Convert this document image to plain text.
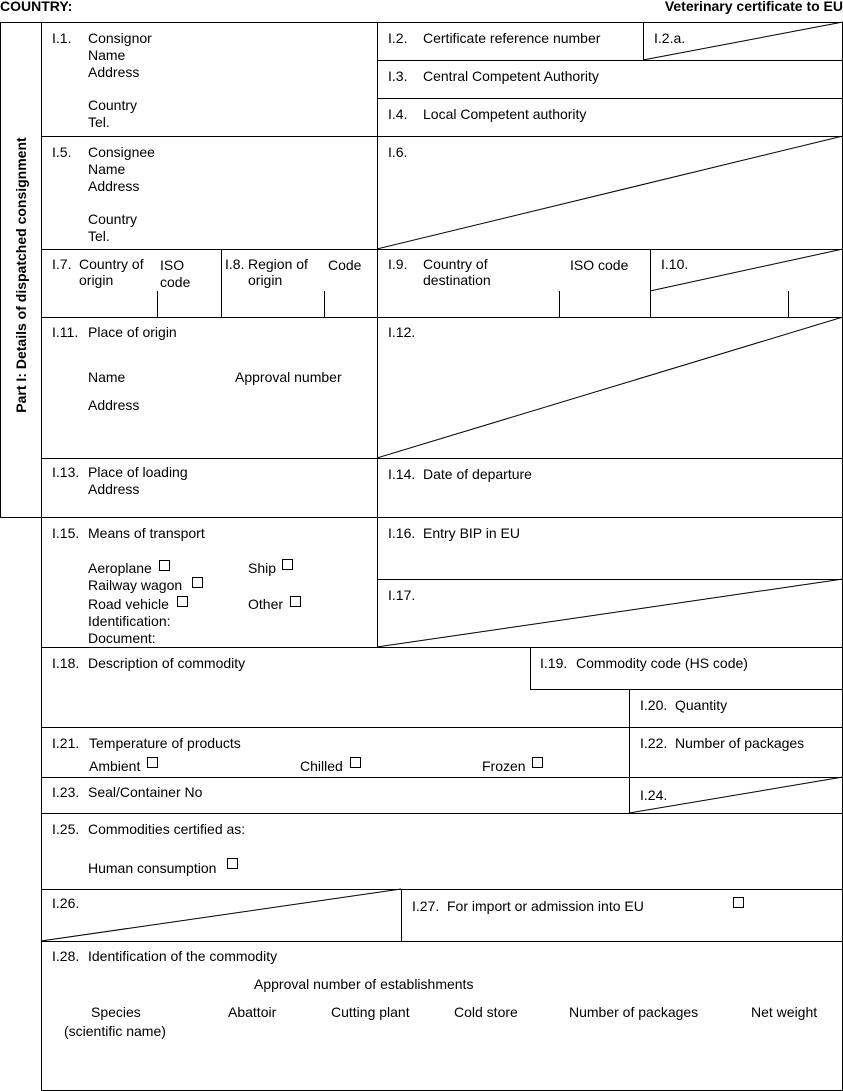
COUNTRY:	Veterinary certificate to EU
Part I: Details of dispatched consignment
I.1. Consignor
Name
Address
Country
Tel.
I.2. Certificate reference number	I.2.a.
I.3. Central Competent Authority
I.4. Local Competent authority
I.5. Consignee
Name
Address
Country
Tel.
I.6.
I.7. Country of
origin
ISO
code
I.8. Region of
origin
Code I.9. Country of
destination
ISO code I.10.
I.11. Place of origin
Name	Approval number
Address
I.12.
I.13. Place of loading
Address
I.14. Date of departure
I.15. Means of transport
Aeroplane	Ship
Railway wagon
Road vehicle	Other
Identification:
Document:
I.16. Entry BIP in EU
I.17.
I.18. Description of commodity	I.19. Commodity code (HS code)
I.20. Quantity
I.21. Temperature of products
Ambient	Chilled	Frozen
I.22. Number of packages
I.23. Seal/Container No	I.24.
I.25. Commodities certified as:
Human consumption
I.26.	I.27. For import or admission into EU
I.28. Identification of the commodity
Approval number of establishments
Species
(scientific name)
Abattoir	Cutting plant	Cold store	Number of packages	Net weight
